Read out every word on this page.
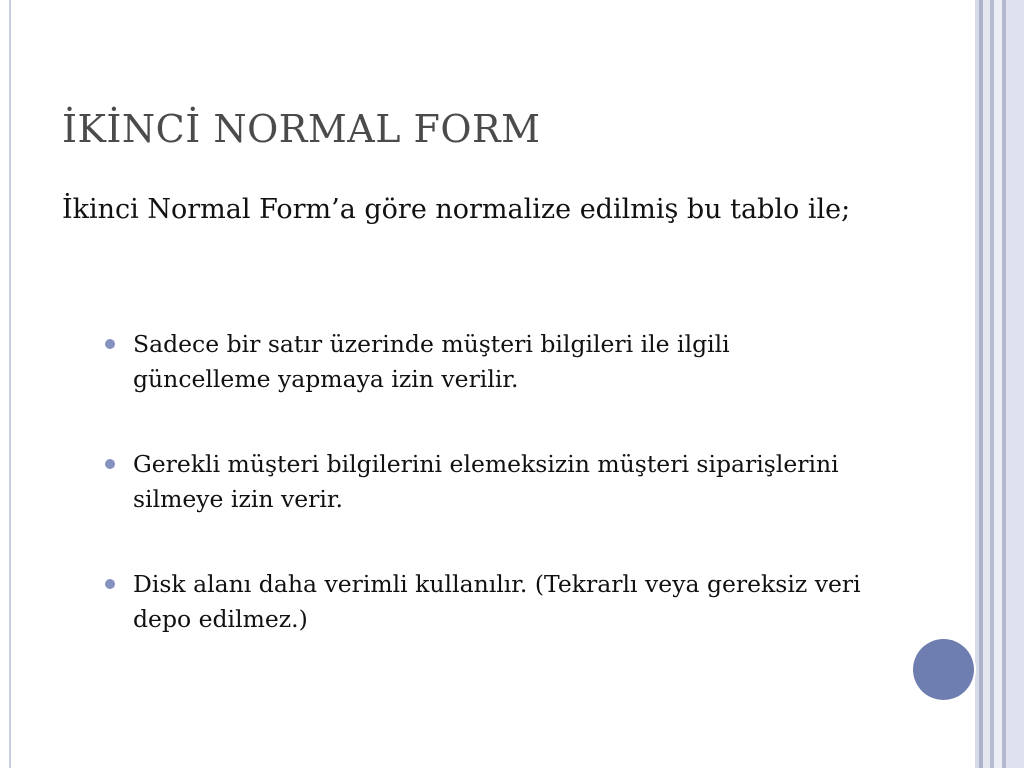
İKİNCİ NORMAL FORM
İkinci Normal Form’a göre normalize edilmiş bu tablo ile;
Sadece bir satır üzerinde müşteri bilgileri ile ilgili güncelleme yapmaya izin verilir.
Gerekli müşteri bilgilerini elemeksizin müşteri siparişlerini silmeye izin verir.
Disk alanı daha verimli kullanılır. (Tekrarlı veya gereksiz veri depo edilmez.)
